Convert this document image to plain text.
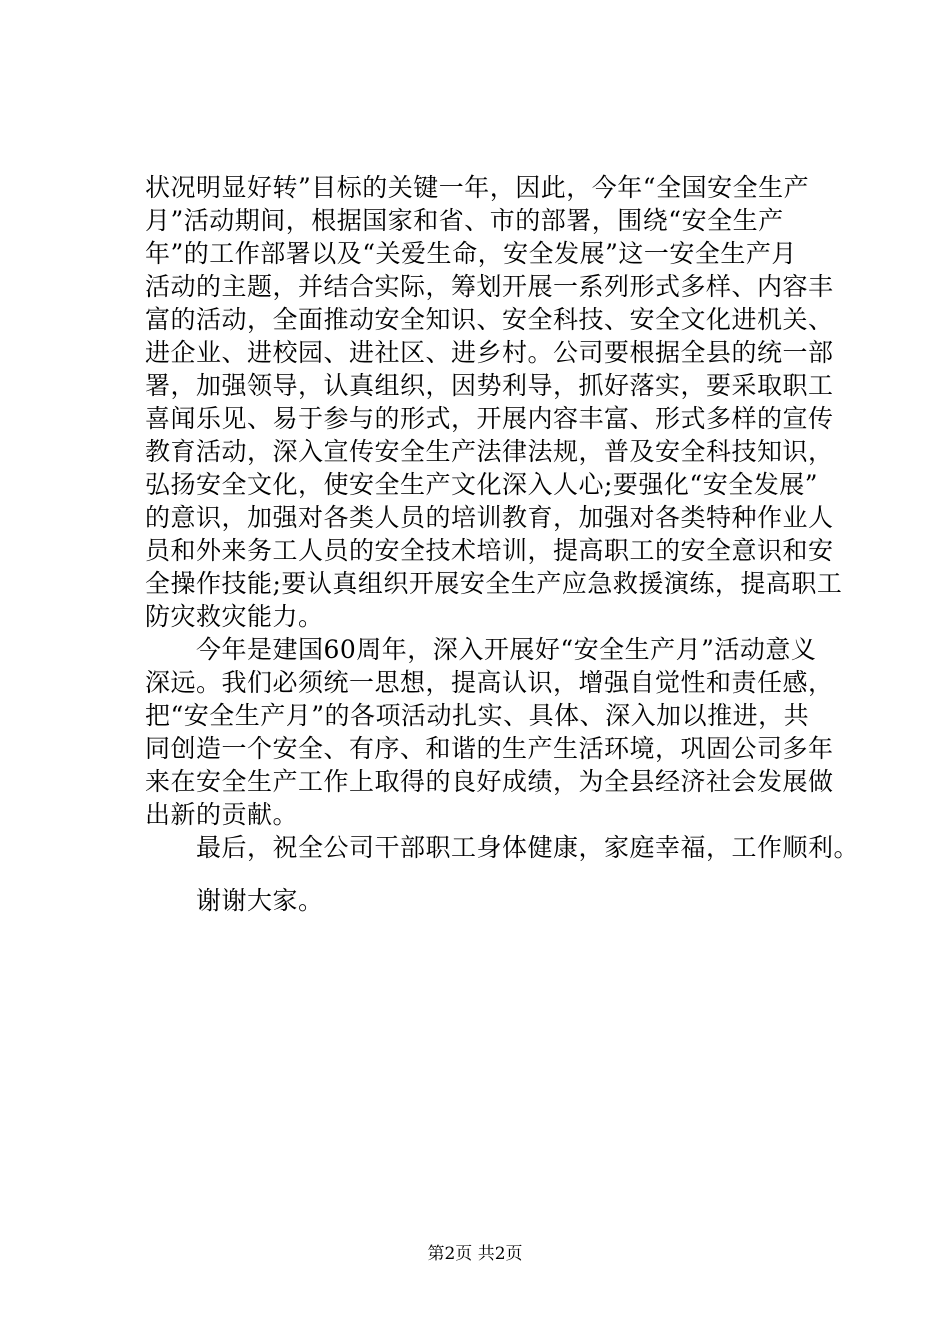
状况明显好转”目标的关键一年，因此，今年“全国安全生产
月”活动期间，根据国家和省、市的部署，围绕“安全生产
年”的工作部署以及“关爱生命，安全发展”这一安全生产月
活动的主题，并结合实际，筹划开展一系列形式多样、内容丰
富的活动，全面推动安全知识、安全科技、安全文化进机关、
进企业、进校园、进社区、进乡村。公司要根据全县的统一部
署，加强领导，认真组织，因势利导，抓好落实，要采取职工
喜闻乐见、易于参与的形式，开展内容丰富、形式多样的宣传
教育活动，深入宣传安全生产法律法规，普及安全科技知识，
弘扬安全文化，使安全生产文化深入人心;要强化“安全发展”
的意识，加强对各类人员的培训教育，加强对各类特种作业人
员和外来务工人员的安全技术培训，提高职工的安全意识和安
全操作技能;要认真组织开展安全生产应急救援演练，提高职工
防灾救灾能力。
　　今年是建国60周年，深入开展好“安全生产月”活动意义
深远。我们必须统一思想，提高认识，增强自觉性和责任感，
把“安全生产月”的各项活动扎实、具体、深入加以推进，共
同创造一个安全、有序、和谐的生产生活环境，巩固公司多年
来在安全生产工作上取得的良好成绩，为全县经济社会发展做
出新的贡献。
　　最后，祝全公司干部职工身体健康，家庭幸福，工作顺利。
　　谢谢大家。
第2页 共2页
